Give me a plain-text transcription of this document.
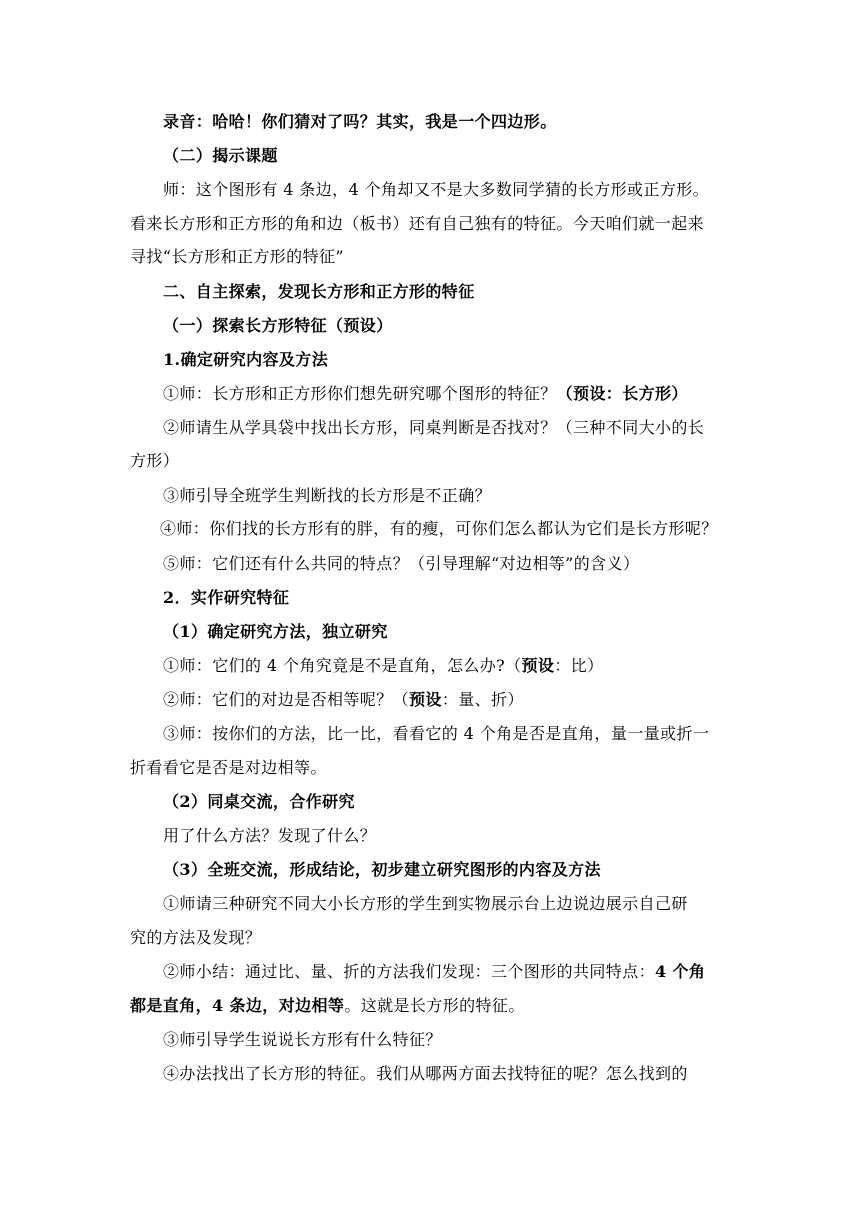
录音：哈哈！你们猜对了吗？其实，我是一个四边形。
（二）揭示课题
师：这个图形有 4 条边，4 个角却又不是大多数同学猜的长方形或正方形。
看来长方形和正方形的角和边（板书）还有自己独有的特征。今天咱们就一起来
寻找“长方形和正方形的特征”
二、自主探索，发现长方形和正方形的特征
（一）探索长方形特征（预设）
1.确定研究内容及方法
①师：长方形和正方形你们想先研究哪个图形的特征？（预设：长方形）
②师请生从学具袋中找出长方形，同桌判断是否找对？（三种不同大小的长
方形）
③师引导全班学生判断找的长方形是不正确？
④师：你们找的长方形有的胖，有的瘦，可你们怎么都认为它们是长方形呢？
⑤师：它们还有什么共同的特点？（引导理解“对边相等”的含义）
2．实作研究特征
（1）确定研究方法，独立研究
①师：它们的 4 个角究竟是不是直角，怎么办?（预设：比）
②师：它们的对边是否相等呢？（预设：量、折）
③师：按你们的方法，比一比，看看它的 4 个角是否是直角，量一量或折一
折看看它是否是对边相等。
（2）同桌交流，合作研究
用了什么方法？发现了什么？
（3）全班交流，形成结论，初步建立研究图形的内容及方法
①师请三种研究不同大小长方形的学生到实物展示台上边说边展示自己研
究的方法及发现？
②师小结：通过比、量、折的方法我们发现：三个图形的共同特点：4 个角
都是直角，4 条边，对边相等。这就是长方形的特征。
③师引导学生说说长方形有什么特征？
④办法找出了长方形的特征。我们从哪两方面去找特征的呢？怎么找到的
